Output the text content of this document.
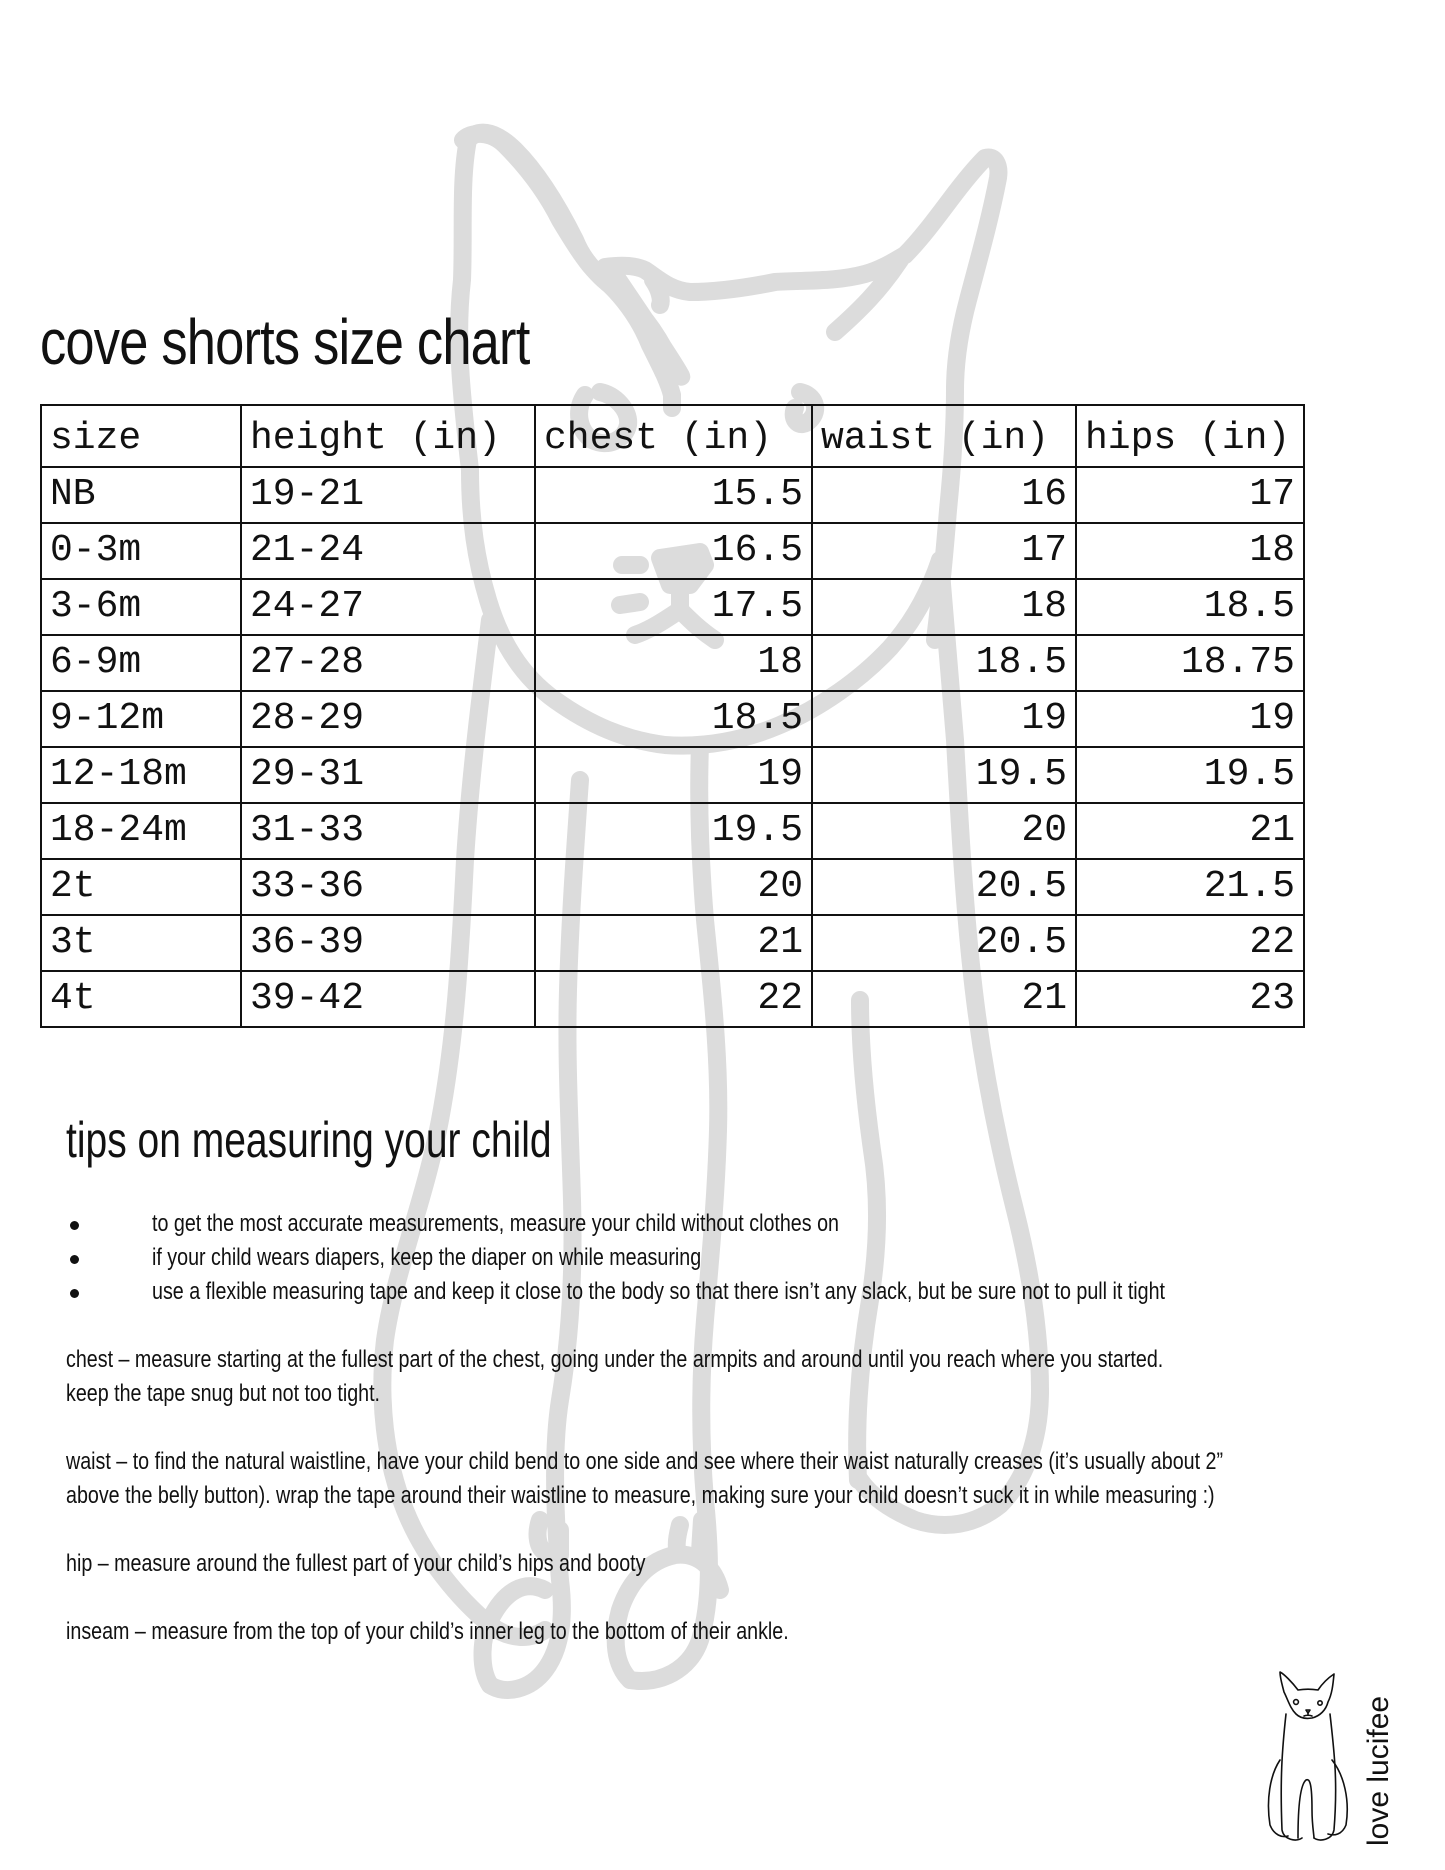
cove shorts size chart
size	height (in)	chest (in)	waist (in)	hips (in)
NB	19-21	15.5	16	17
0-3m	21-24	16.5	17	18
3-6m	24-27	17.5	18	18.5
6-9m	27-28	18	18.5	18.75
9-12m	28-29	18.5	19	19
12-18m	29-31	19	19.5	19.5
18-24m	31-33	19.5	20	21
2t	33-36	20	20.5	21.5
3t	36-39	21	20.5	22
4t	39-42	22	21	23
tips on measuring your child
to get the most accurate measurements, measure your child without clothes on
if your child wears diapers, keep the diaper on while measuring
use a flexible measuring tape and keep it close to the body so that there isn’t any slack, but be sure not to pull it tight
chest – measure starting at the fullest part of the chest, going under the armpits and around until you reach where you started.
keep the tape snug but not too tight.
waist – to find the natural waistline, have your child bend to one side and see where their waist naturally creases (it’s usually about 2”
above the belly button). wrap the tape around their waistline to measure, making sure your child doesn’t suck it in while measuring :)
hip – measure around the fullest part of your child’s hips and booty
inseam – measure from the top of your child’s inner leg to the bottom of their ankle.
love lucifee
